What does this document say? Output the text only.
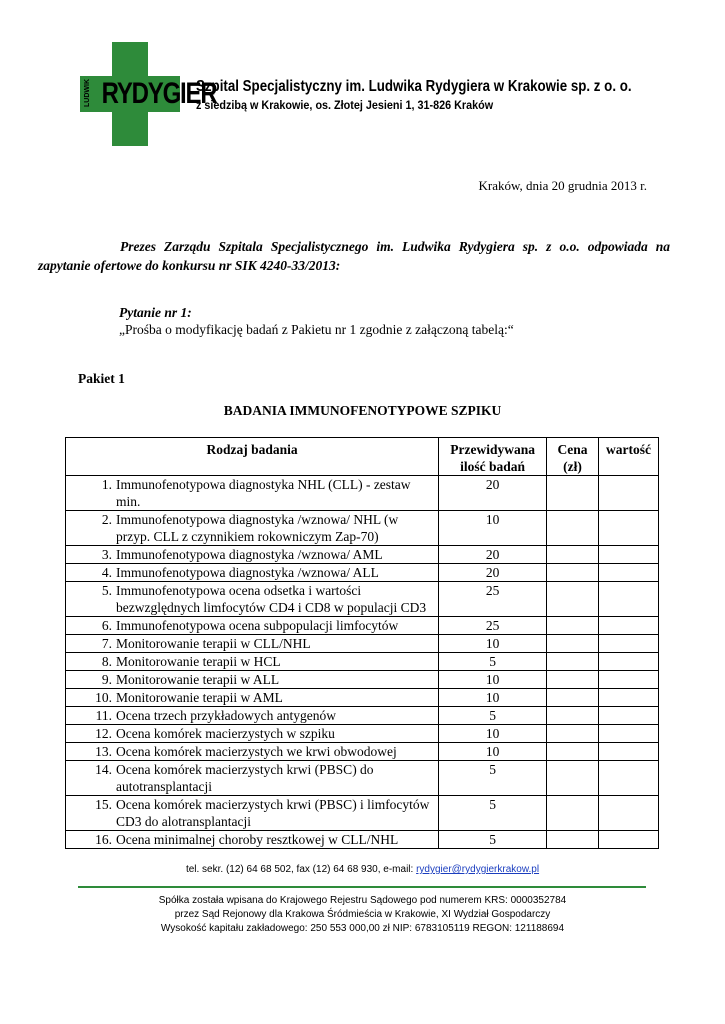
LUDWIK RYDYGIER
Szpital Specjalistyczny im. Ludwika Rydygiera w Krakowie sp. z o. o.
z siedzibą w Krakowie, os. Złotej Jesieni 1, 31-826 Kraków
Kraków, dnia 20 grudnia 2013 r.
Prezes Zarządu Szpitala Specjalistycznego im. Ludwika Rydygiera sp. z o.o. odpowiada na zapytanie ofertowe do konkursu nr SIK 4240-33/2013:
Pytanie nr 1:
„Prośba o modyfikację badań z Pakietu nr 1 zgodnie z załączoną tabelą:“
Pakiet 1
BADANIA IMMUNOFENOTYPOWE SZPIKU
Rodzaj badania	Przewidywana ilość badań	Cena (zł)	wartość

1. Immunofenotypowa diagnostyka NHL (CLL) - zestaw min.	20		

2. Immunofenotypowa diagnostyka /wznowa/ NHL (w przyp. CLL z czynnikiem rokowniczym Zap-70)	10		

3. Immunofenotypowa diagnostyka /wznowa/ AML	20		

4. Immunofenotypowa diagnostyka /wznowa/ ALL	20		

5. Immunofenotypowa ocena odsetka i wartości bezwzględnych limfocytów CD4 i CD8 w populacji CD3	25		

6. Immunofenotypowa ocena subpopulacji limfocytów	25		

7. Monitorowanie terapii w CLL/NHL	10		

8. Monitorowanie terapii w HCL	5		

9. Monitorowanie terapii w ALL	10		

10. Monitorowanie terapii w AML	10		

11. Ocena trzech przykładowych antygenów	5		

12. Ocena komórek macierzystych w szpiku	10		

13. Ocena komórek macierzystych we krwi obwodowej	10		

14. Ocena komórek macierzystych krwi (PBSC) do autotransplantacji	5		

15. Ocena komórek macierzystych krwi (PBSC) i limfocytów CD3 do alotransplantacji	5		

16. Ocena minimalnej choroby resztkowej w CLL/NHL	5		
tel. sekr. (12) 64 68 502, fax (12) 64 68 930, e-mail: rydygier@rydygierkrakow.pl
Spółka została wpisana do Krajowego Rejestru Sądowego pod numerem KRS: 0000352784
przez Sąd Rejonowy dla Krakowa Śródmieścia w Krakowie, XI Wydział Gospodarczy
Wysokość kapitału zakładowego: 250 553 000,00 zł NIP: 6783105119 REGON: 121188694
